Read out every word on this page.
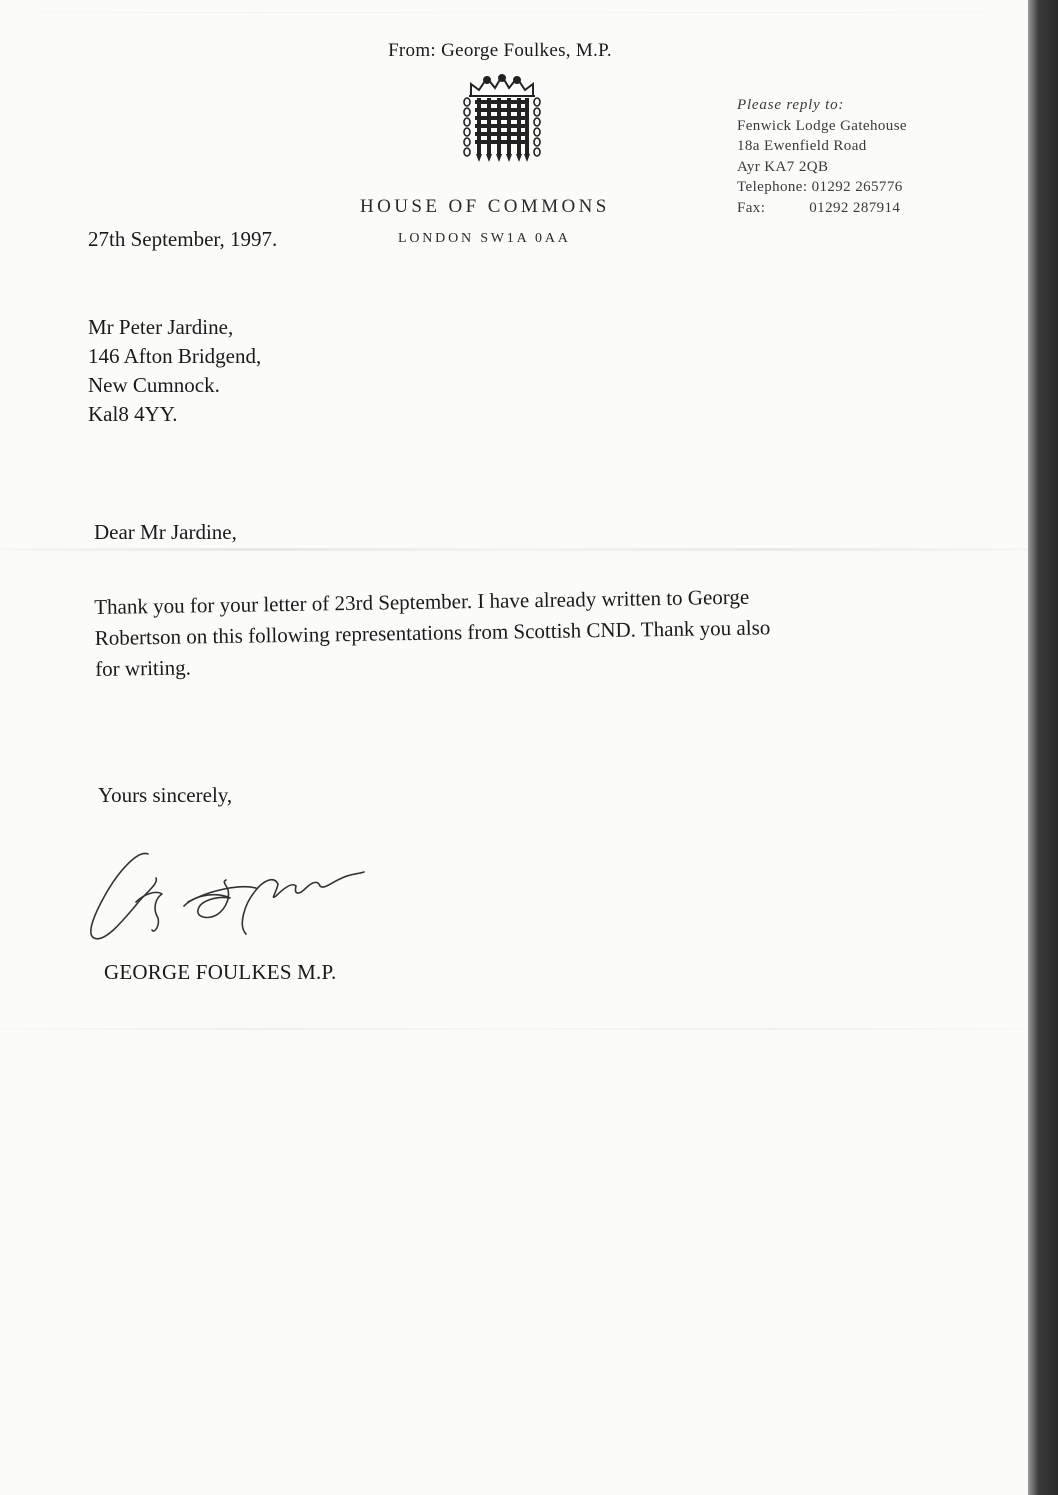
From: George Foulkes, M.P.
HOUSE OF COMMONS
LONDON SW1A 0AA
Please reply to:
Fenwick Lodge Gatehouse
18a Ewenfield Road
Ayr KA7 2QB
Telephone: 01292 265776
Fax:	01292 287914
27th September, 1997.
Mr Peter Jardine,
146 Afton Bridgend,
New Cumnock.
Kal8 4YY.
Dear Mr Jardine,
Thank you for your letter of 23rd September. I have already written to George
Robertson on this following representations from Scottish CND. Thank you also
for writing.
Yours sincerely,
GEORGE FOULKES M.P.
